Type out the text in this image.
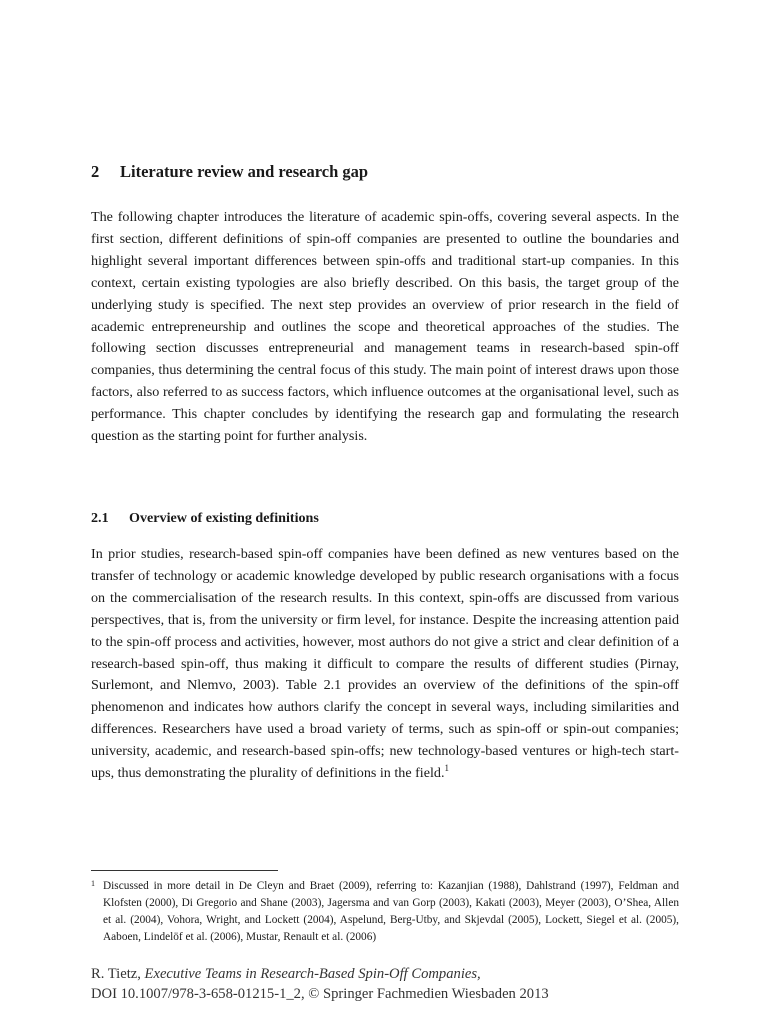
2 Literature review and research gap

The following chapter introduces the literature of academic spin-offs, covering several aspects. In the first section, different definitions of spin-off companies are presented to outline the boundaries and highlight several important differences between spin-offs and traditional start-up companies. In this context, certain existing typologies are also briefly described. On this basis, the target group of the underlying study is specified. The next step provides an overview of prior research in the field of academic entrepreneurship and outlines the scope and theoretical approaches of the studies. The following section discusses entrepreneurial and management teams in research-based spin-off companies, thus determining the central focus of this study. The main point of interest draws upon those factors, also referred to as success factors, which influence outcomes at the organisational level, such as performance. This chapter concludes by identifying the research gap and formulating the research question as the starting point for further analysis.

2.1 Overview of existing definitions

In prior studies, research-based spin-off companies have been defined as new ventures based on the transfer of technology or academic knowledge developed by public research organisations with a focus on the commercialisation of the research results. In this context, spin-offs are discussed from various perspectives, that is, from the university or firm level, for instance. Despite the increasing attention paid to the spin-off process and activities, however, most authors do not give a strict and clear definition of a research-based spin-off, thus making it difficult to compare the results of different studies (Pirnay, Surlemont, and Nlemvo, 2003). Table 2.1 provides an overview of the definitions of the spin-off phenomenon and indicates how authors clarify the concept in several ways, including similarities and differences. Researchers have used a broad variety of terms, such as spin-off or spin-out companies; university, academic, and research-based spin-offs; new technology-based ventures or high-tech start-ups, thus demonstrating the plurality of definitions in the field.$^1$

1 Discussed in more detail in De Cleyn and Braet (2009), referring to: Kazanjian (1988), Dahlstrand (1997), Feldman and Klofsten (2000), Di Gregorio and Shane (2003), Jagersma and van Gorp (2003), Kakati (2003), Meyer (2003), O’Shea, Allen et al. (2004), Vohora, Wright, and Lockett (2004), Aspelund, Berg-Utby, and Skjevdal (2005), Lockett, Siegel et al. (2005), Aaboen, Lindelöf et al. (2006), Mustar, Renault et al. (2006)

R. Tietz, Executive Teams in Research-Based Spin-Off Companies,
DOI 10.1007/978-3-658-01215-1_2, © Springer Fachmedien Wiesbaden 2013
